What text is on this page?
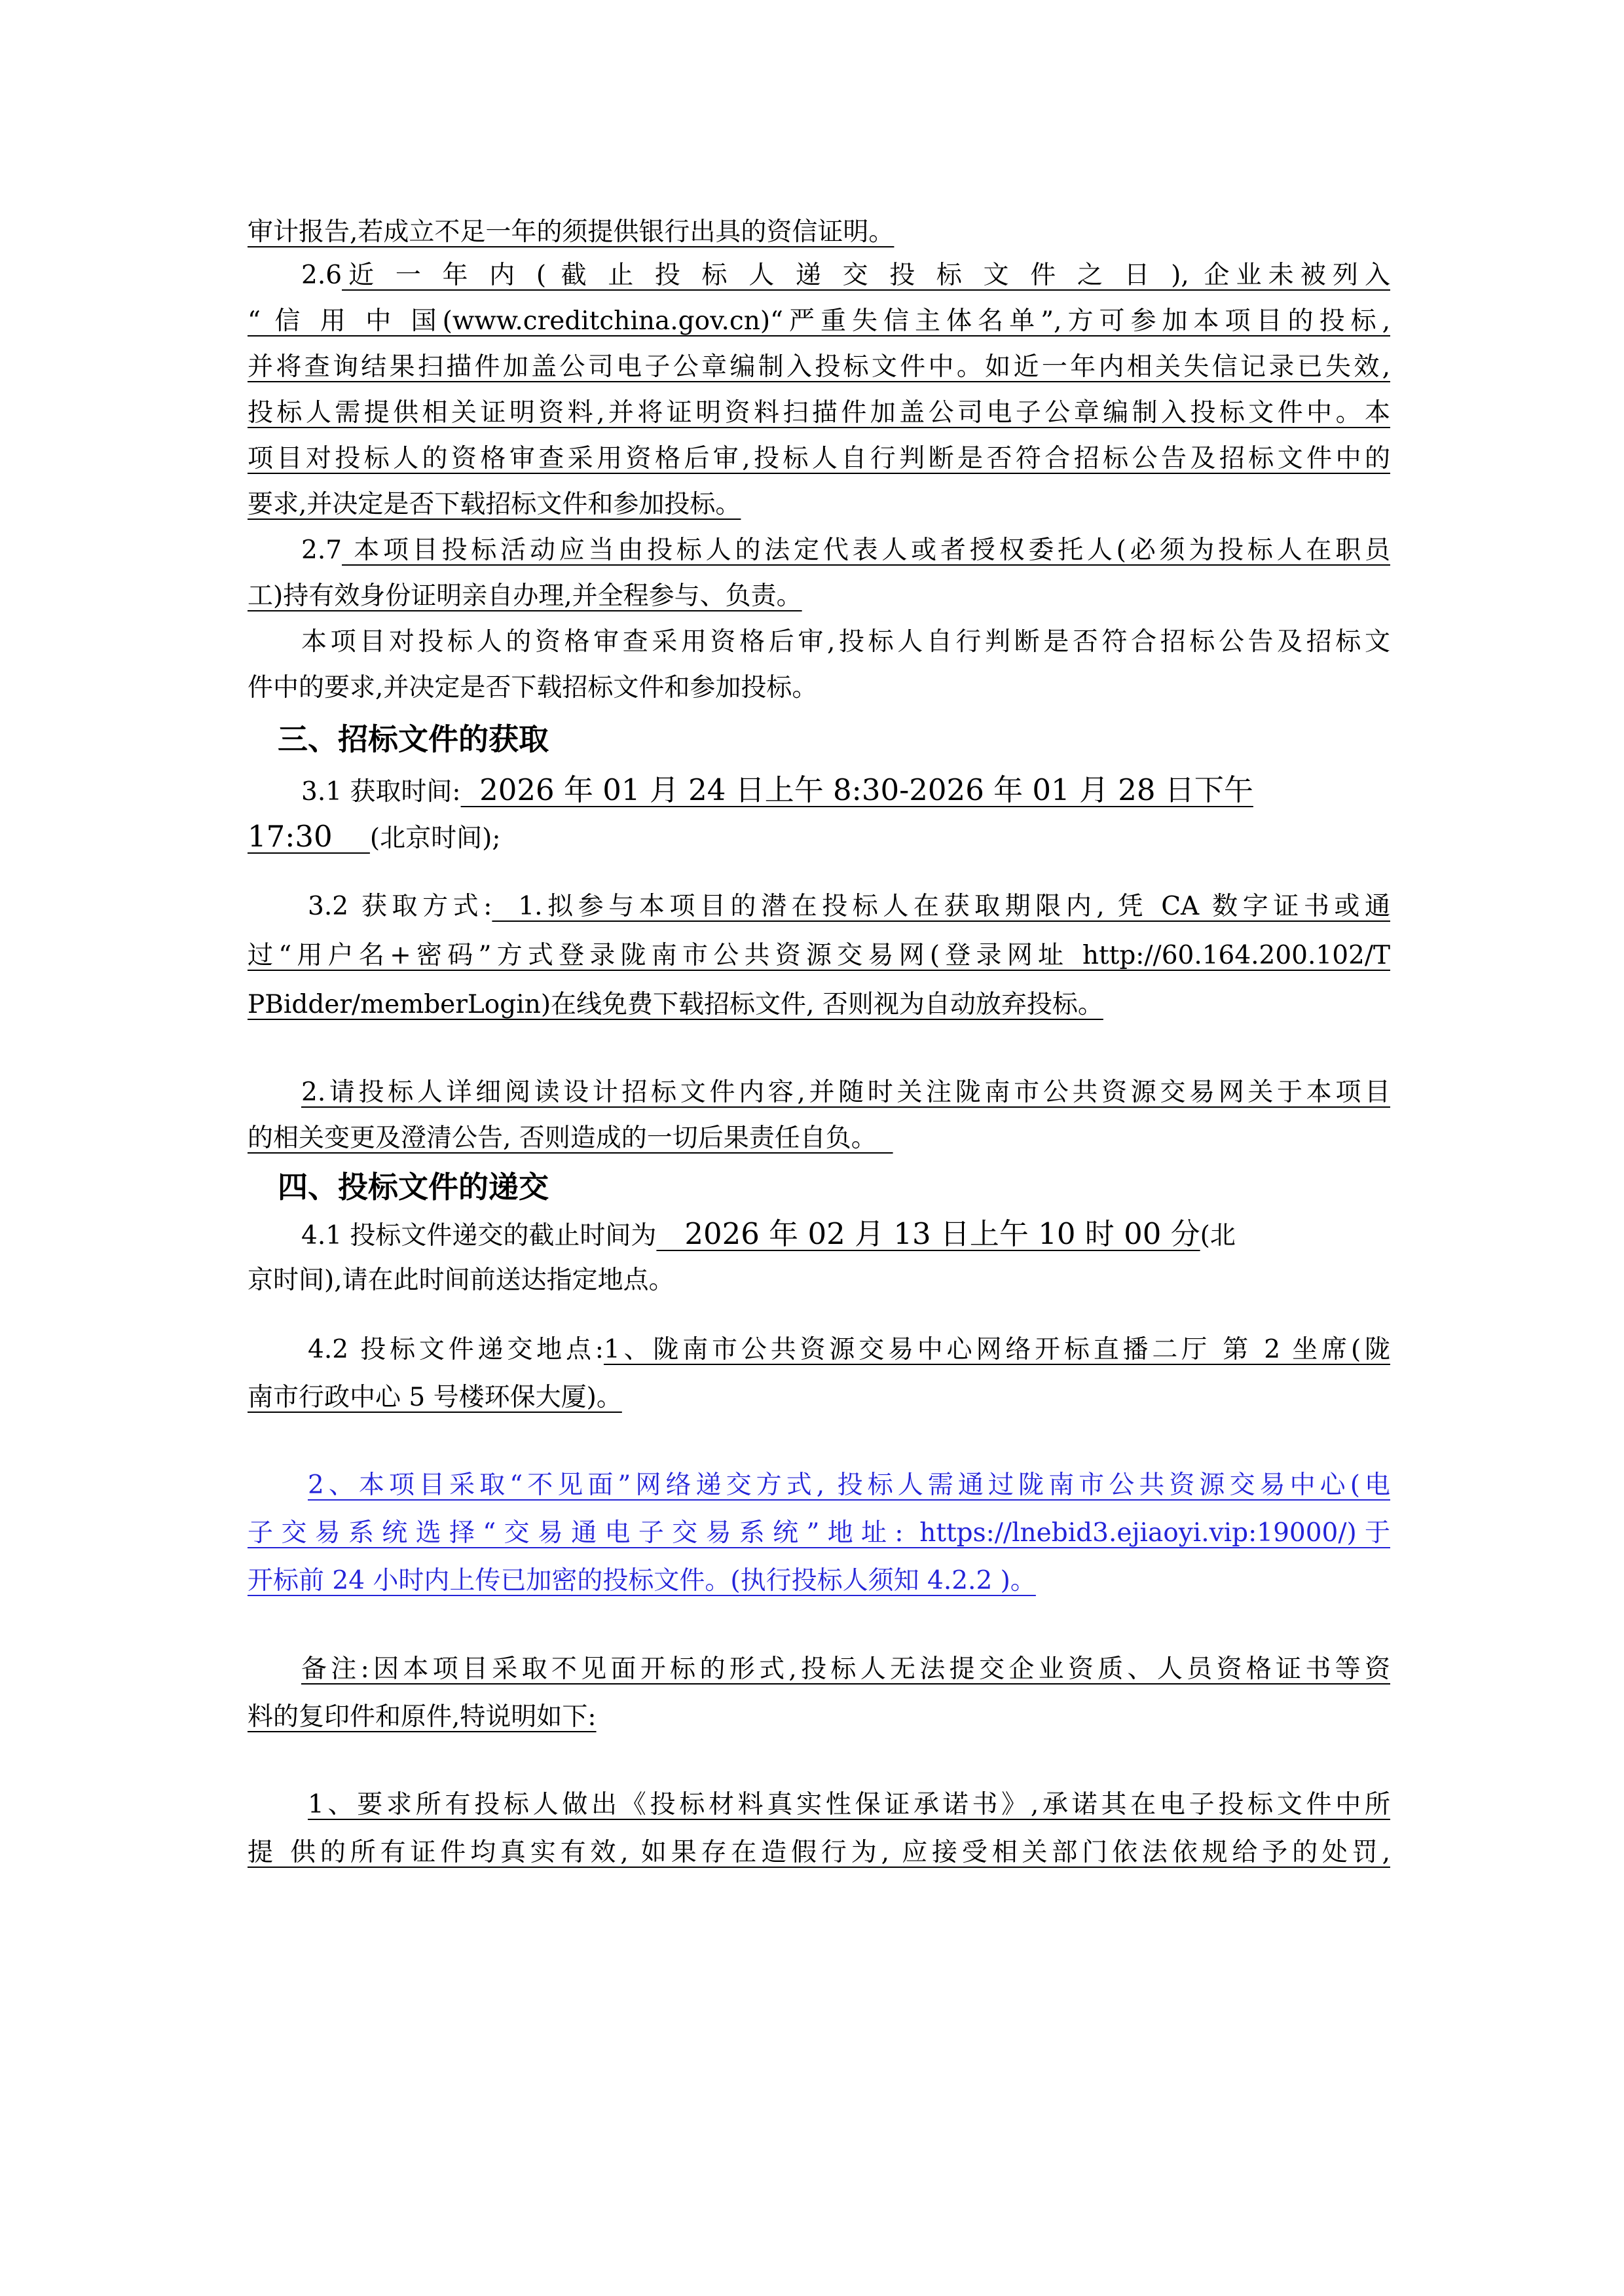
审计报告,若成立不足一年的须提供银行出具的资信证明。
2.6近 一 年 内 ( 截 止 投 标 人 递 交 投 标 文 件 之 日 ), 企业未被列入
“ 信 用 中 国(www.creditchina.gov.cn)“严重失信主体名单”,方可参加本项目的投标,
并将查询结果扫描件加盖公司电子公章编制入投标文件中。如近一年内相关失信记录已失效,
投标人需提供相关证明资料,并将证明资料扫描件加盖公司电子公章编制入投标文件中。本
项目对投标人的资格审查采用资格后审,投标人自行判断是否符合招标公告及招标文件中的
要求,并决定是否下载招标文件和参加投标。
2.7 本项目投标活动应当由投标人的法定代表人或者授权委托人(必须为投标人在职员
工)持有效身份证明亲自办理,并全程参与、负责。
本项目对投标人的资格审查采用资格后审,投标人自行判断是否符合招标公告及招标文
件中的要求,并决定是否下载招标文件和参加投标。
三、招标文件的获取
3.1 获取时间:  2026 年 01 月 24 日上午 8:30-2026 年 01 月 28 日下午
17:30    (北京时间);
3.2 获取方式:  1.拟参与本项目的潜在投标人在获取期限内, 凭 CA 数字证书或通
过“用户名+密码”方式登录陇南市公共资源交易网(登录网址 http://60.164.200.102/T
PBidder/memberLogin)在线免费下载招标文件, 否则视为自动放弃投标。
2.请投标人详细阅读设计招标文件内容,并随时关注陇南市公共资源交易网关于本项目
的相关变更及澄清公告, 否则造成的一切后果责任自负。
四、投标文件的递交
4.1 投标文件递交的截止时间为   2026 年 02 月 13 日上午 10 时 00 分(北
京时间),请在此时间前送达指定地点。
4.2 投标文件递交地点:1、陇南市公共资源交易中心网络开标直播二厅 第 2 坐席(陇
南市行政中心 5 号楼环保大厦)。
2、本项目采取“不见面”网络递交方式, 投标人需通过陇南市公共资源交易中心(电
子交易系统选择“交易通电子交易系统”地址: https://lnebid3.ejiaoyi.vip:19000/)于
开标前 24 小时内上传已加密的投标文件。(执行投标人须知 4.2.2 )。
备注:因本项目采取不见面开标的形式,投标人无法提交企业资质、人员资格证书等资
料的复印件和原件,特说明如下:
1、要求所有投标人做出《投标材料真实性保证承诺书》,承诺其在电子投标文件中所
提 供的所有证件均真实有效, 如果存在造假行为, 应接受相关部门依法依规给予的处罚,
